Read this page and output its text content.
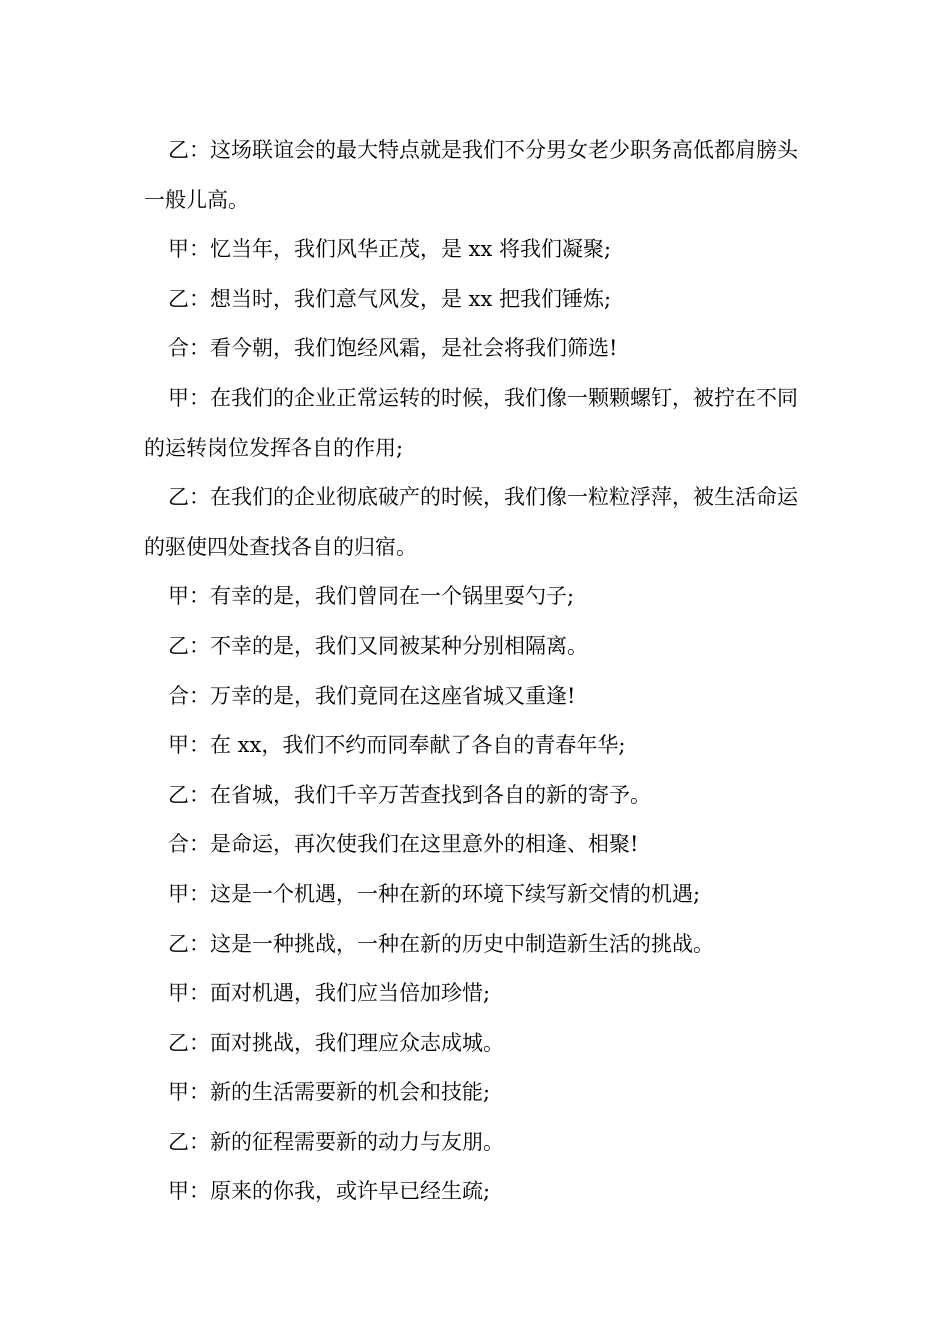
乙：这场联谊会的最大特点就是我们不分男女老少职务高低都肩膀头一般儿高。

甲：忆当年，我们风华正茂，是 xx 将我们凝聚;

乙：想当时，我们意气风发，是 xx 把我们锤炼;

合：看今朝，我们饱经风霜，是社会将我们筛选!

甲：在我们的企业正常运转的时候，我们像一颗颗螺钉，被拧在不同的运转岗位发挥各自的作用;

乙：在我们的企业彻底破产的时候，我们像一粒粒浮萍，被生活命运的驱使四处查找各自的归宿。

甲：有幸的是，我们曾同在一个锅里耍勺子;

乙：不幸的是，我们又同被某种分别相隔离。

合：万幸的是，我们竟同在这座省城又重逢!

甲：在 xx，我们不约而同奉献了各自的青春年华;

乙：在省城，我们千辛万苦查找到各自的新的寄予。

合：是命运，再次使我们在这里意外的相逢、相聚!

甲：这是一个机遇，一种在新的环境下续写新交情的机遇;

乙：这是一种挑战，一种在新的历史中制造新生活的挑战。

甲：面对机遇，我们应当倍加珍惜;

乙：面对挑战，我们理应众志成城。

甲：新的生活需要新的机会和技能;

乙：新的征程需要新的动力与友朋。

甲：原来的你我，或许早已经生疏;
